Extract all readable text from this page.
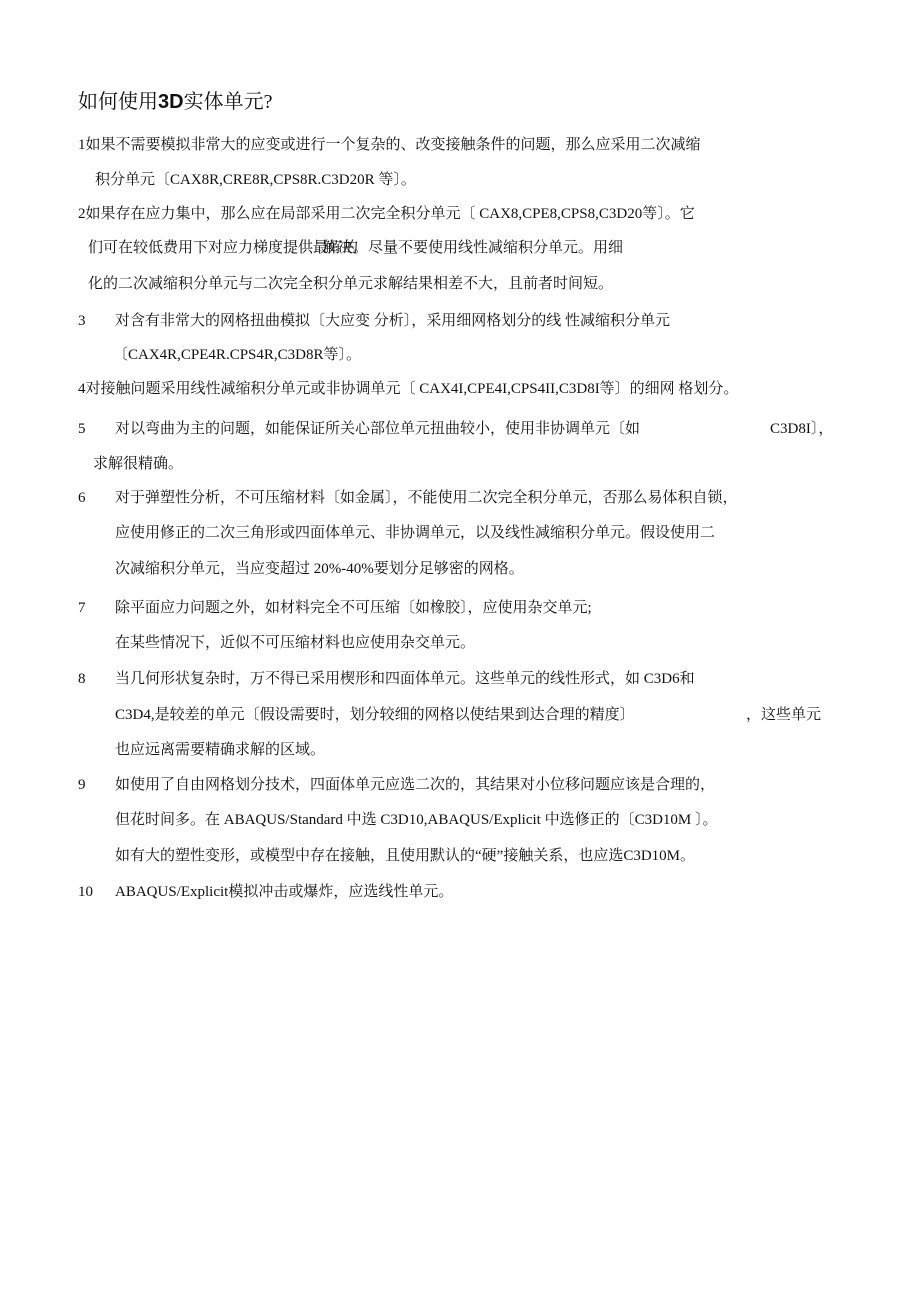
如何使用3D实体单元?
1如果不需要模拟非常大的应变或进行一个复杂的、改变接触条件的问题，那么应采用二次减缩
积分单元〔CAX8R,CRE8R,CPS8R.C3D20R 等〕。
2如果存在应力集中，那么应在局部采用二次完全积分单元〔 CAX8,CPE8,CPS8,C3D20等〕。它
们可在较低费用下对应力梯度提供最好的
解决。尽量不要使用线性减缩积分单元。用细
化的二次减缩积分单元与二次完全积分单元求解结果相差不大，且前者时间短。
3 对含有非常大的网格扭曲模拟〔大应变 分析〕，采用细网格划分的线 性减缩积分单元
〔CAX4R,CPE4R.CPS4R,C3D8R等〕。
4对接触问题采用线性减缩积分单元或非协调单元〔 CAX4I,CPE4I,CPS4II,C3D8I等〕的细网 格划分。
5 对以弯曲为主的问题，如能保证所关心部位单元扭曲较小，使用非协调单元〔如	C3D8I〕，
求解很精确。
6 对于弹塑性分析，不可压缩材料〔如金属〕，不能使用二次完全积分单元，否那么易体积自锁，
应使用修正的二次三角形或四面体单元、非协调单元，以及线性减缩积分单元。假设使用二
次减缩积分单元，当应变超过 20%-40%要划分足够密的网格。
7 除平面应力问题之外，如材料完全不可压缩〔如橡胶〕，应使用杂交单元;
在某些情况下，近似不可压缩材料也应使用杂交单元。
8 当几何形状复杂时，万不得已采用楔形和四面体单元。这些单元的线性形式，如 C3D6和
C3D4,是较差的单元〔假设需要时，划分较细的网格以使结果到达合理的精度〕	，这些单元
也应远离需要精确求解的区域。
9 如使用了自由网格划分技术，四面体单元应选二次的，其结果对小位移问题应该是合理的，
但花时间多。在 ABAQUS/Standard 中选 C3D10,ABAQUS/Explicit 中选修正的〔C3D10M 〕。
如有大的塑性变形，或模型中存在接触，且使用默认的“硬”接触关系，也应选C3D10M。
10 ABAQUS/Explicit模拟冲击或爆炸，应选线性单元。
